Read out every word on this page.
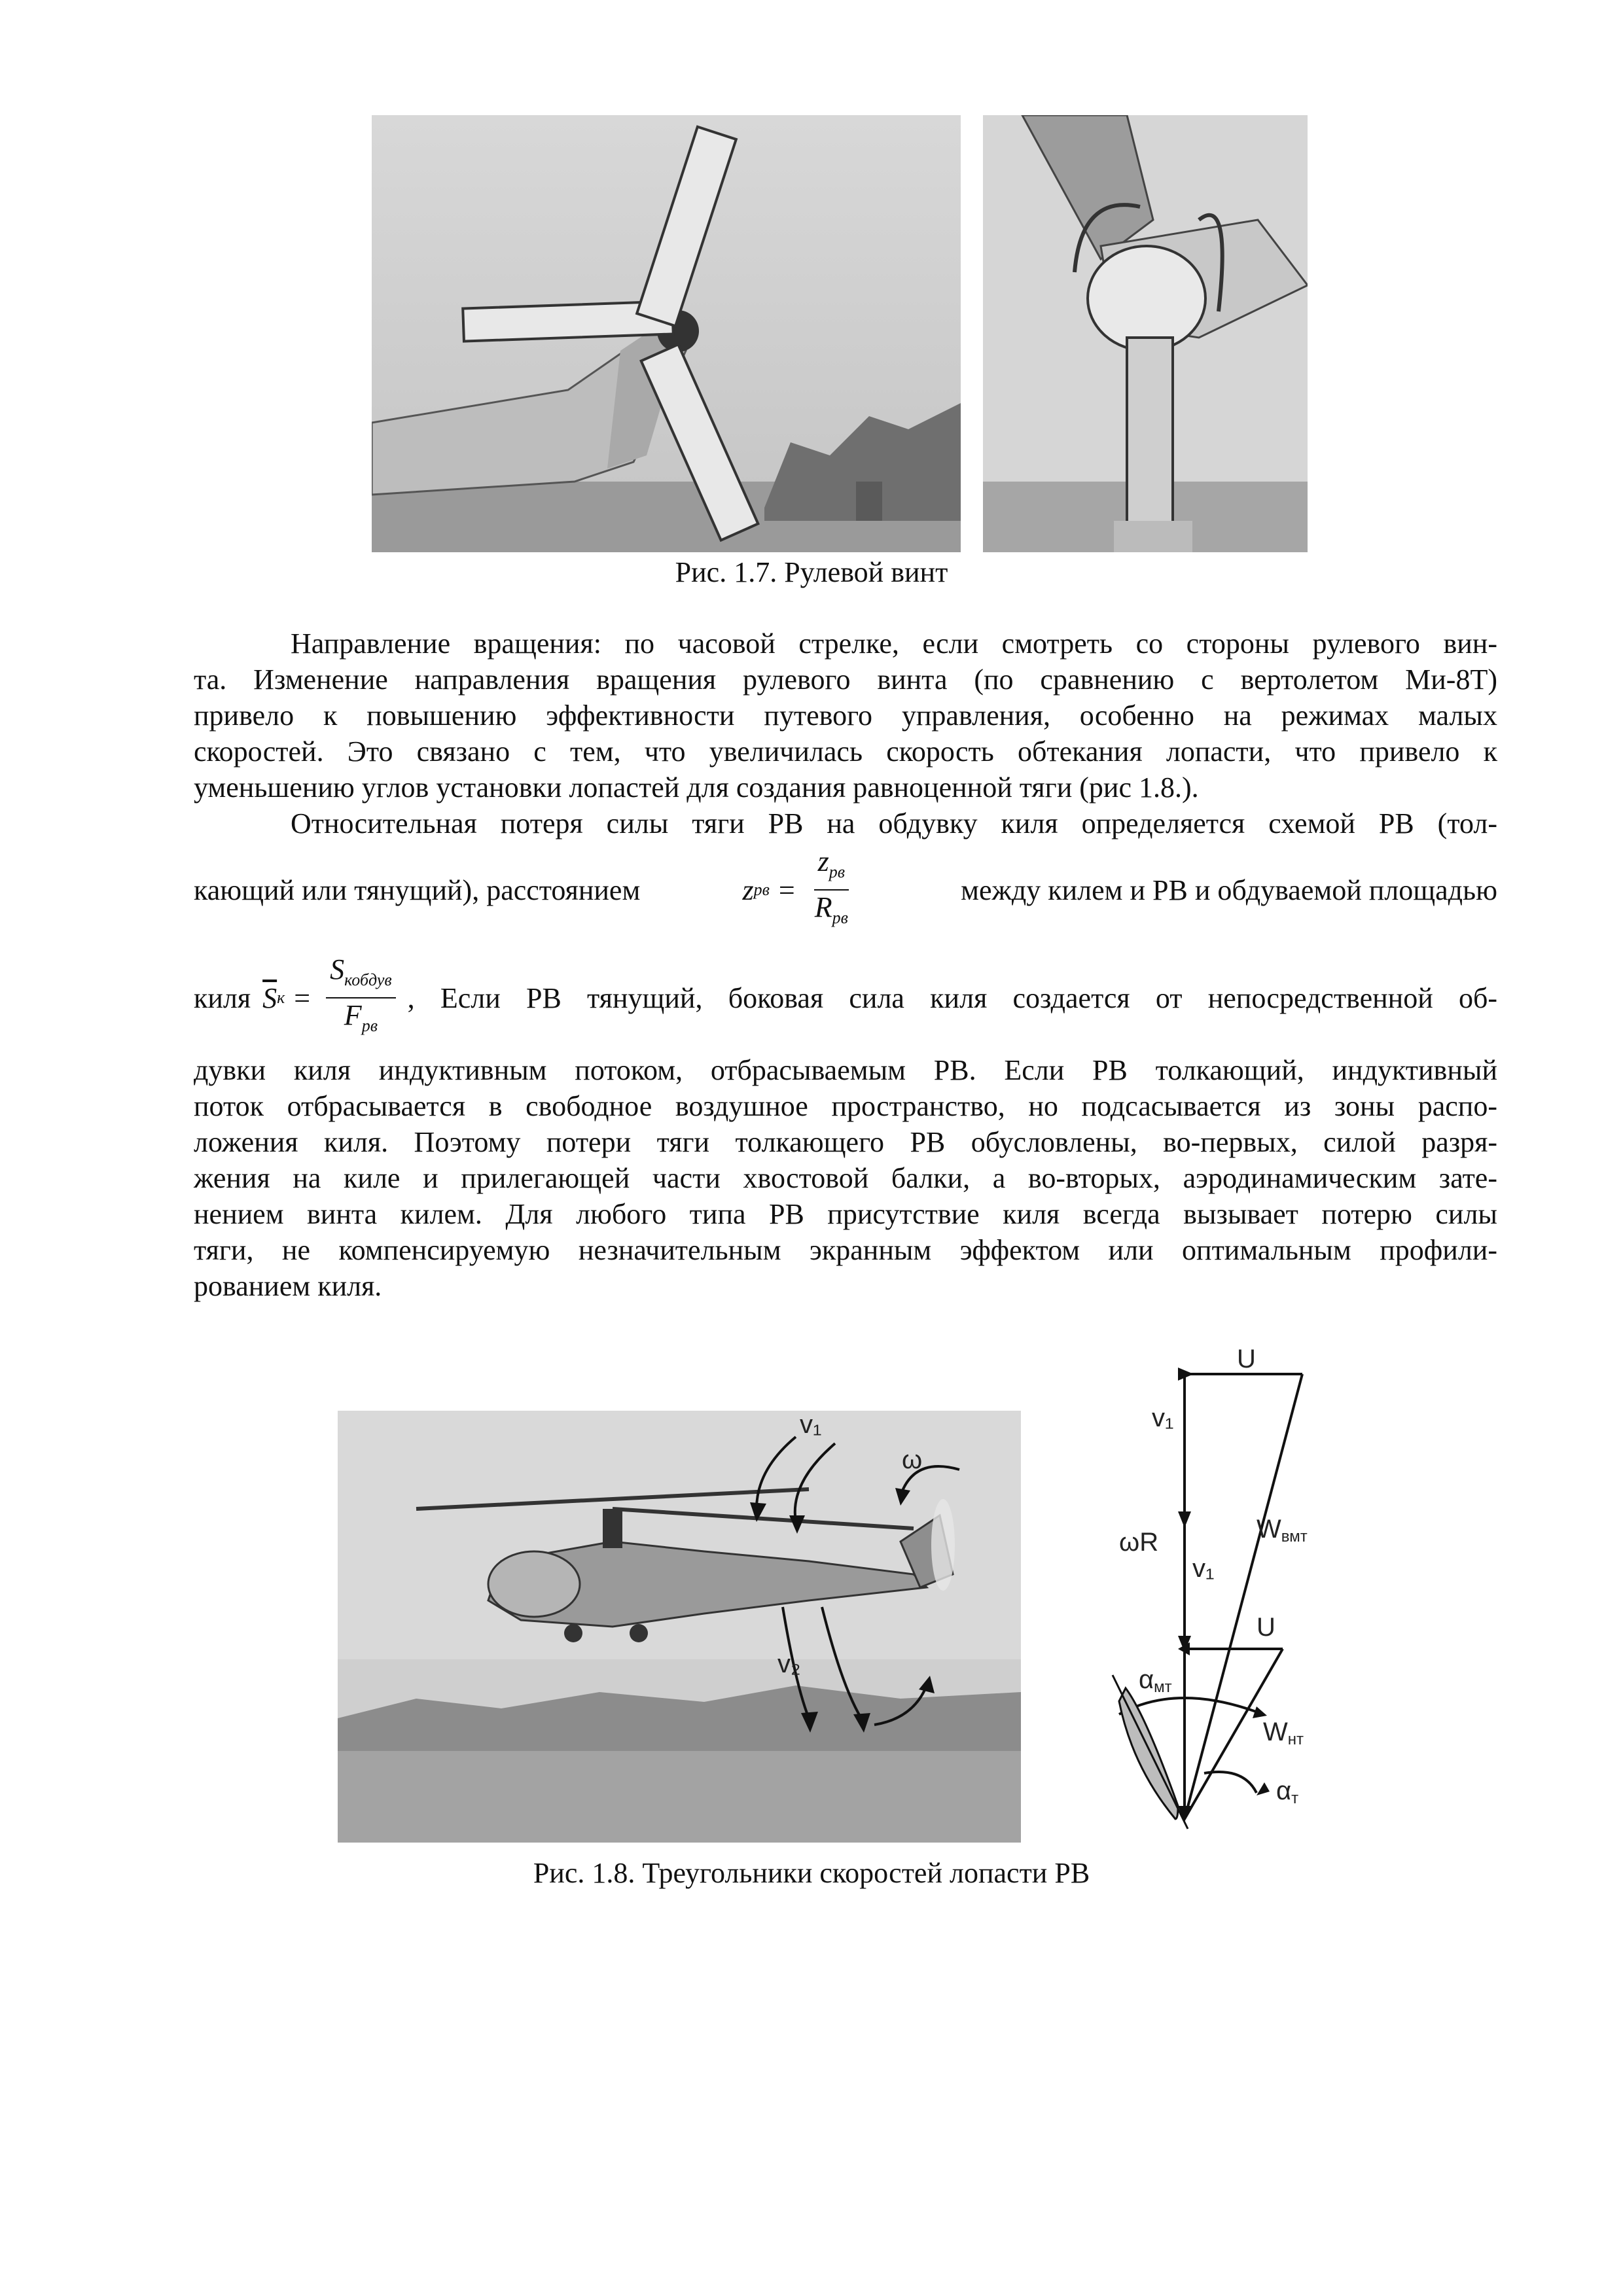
Рис. 1.7. Рулевой винт
Направление вращения: по часовой стрелке, если смотреть со стороны рулевого вин-
та. Изменение направления вращения рулевого винта (по сравнению с вертолетом Ми-8Т)
привело к повышению эффективности путевого управления, особенно на режимах малых
скоростей. Это связано с тем, что увеличилась скорость обтекания лопасти, что привело к
уменьшению углов установки лопастей для создания равноценной тяги (рис 1.8.).
Относительная потеря силы тяги РВ на обдувку киля определяется схемой РВ (тол-
кающий или тянущий), расстоянием	z рв = $\frac{z_{рв}}{R_{рв}}$	между килем и РВ и обдуваемой площадью
киля $\overline{S}$ $к = \frac{S_{кобдув}}{F_{рв}}$ , Если РВ тянущий, боковая сила киля создается от непосредственной об-
дувки киля индуктивным потоком, отбрасываемым РВ. Если РВ толкающий, индуктивный
поток отбрасывается в свободное воздушное пространство, но подсасывается из зоны распо-
ложения киля. Поэтому потери тяги толкающего РВ обусловлены, во-первых, силой разря-
жения на киле и прилегающей части хвостовой балки, а во-вторых, аэродинамическим зате-
нением винта килем. Для любого типа РВ присутствие киля всегда вызывает потерю силы
тяги, не компенсируемую незначительным экранным эффектом или оптимальным профили-
рованием киля.
v₁
ω
v₂
U
v₁
ωR
v₁
Wвмт
U
αмт
Wнт
αт
Рис. 1.8. Треугольники скоростей лопасти РВ
